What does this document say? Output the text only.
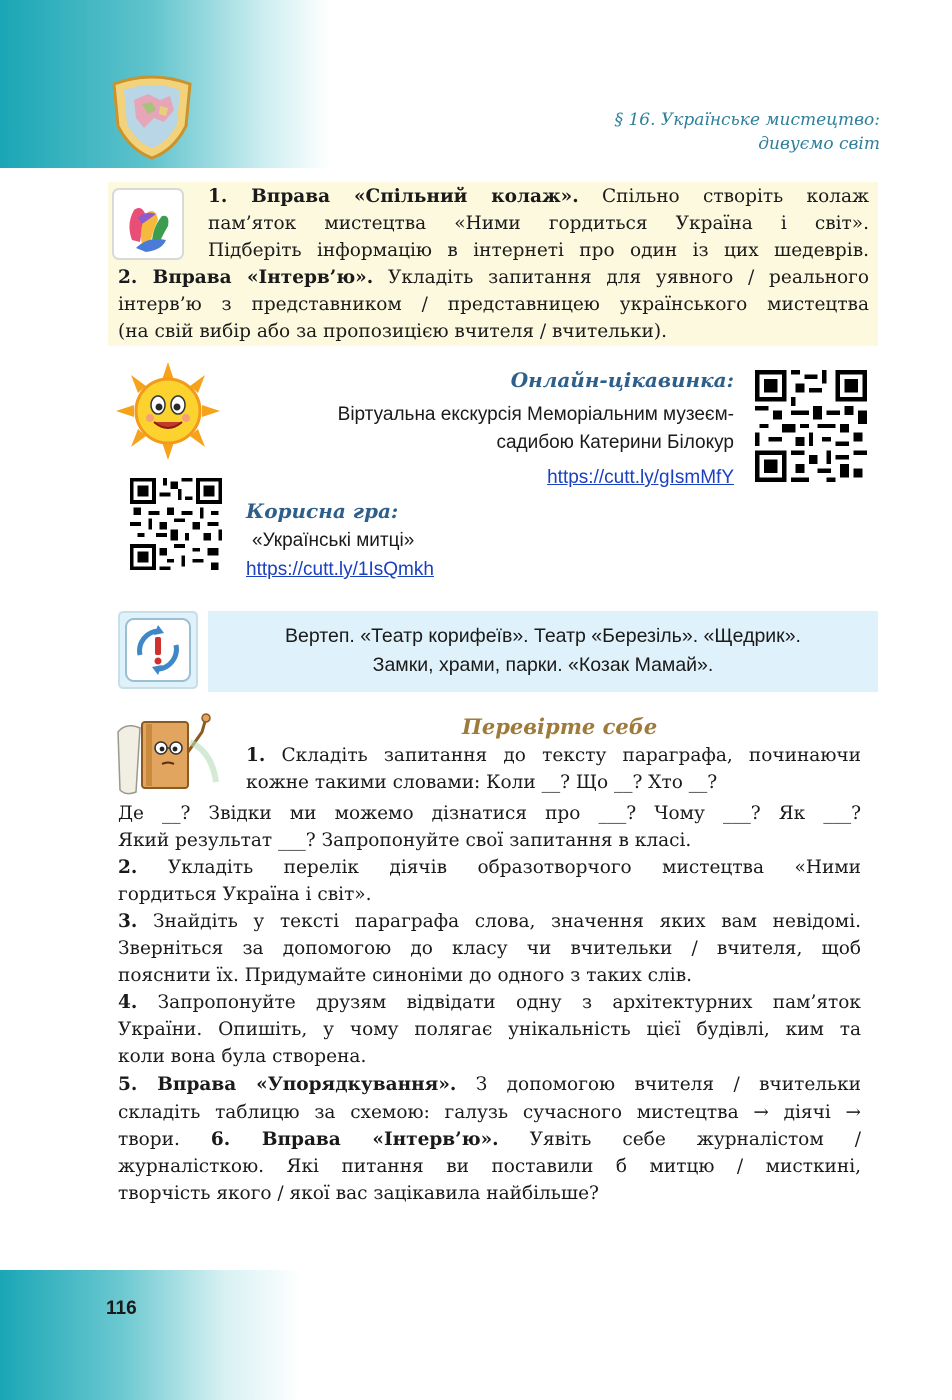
§ 16. Українське мистецтво:
дивуємо світ
1. Вправа «Спільний колаж». Спільно створіть колаж
пам’яток мистецтва «Ними гордиться Україна і світ».
Підберіть інформацію в інтернеті про один із цих шедеврів.
2. Вправа «Інтерв’ю». Укладіть запитання для уявного / реального
інтерв’ю з представником / представницею українського мистецтва
(на свій вибір або за пропозицією вчителя / вчительки).
Онлайн-цікавинка:
Віртуальна екскурсія Меморіальним музеєм-
садибою Катерини Білокур
https://cutt.ly/gIsmMfY
Корисна гра:
«Українські митці»
https://cutt.ly/1IsQmkh
Вертеп. «Театр корифеїв». Театр «Березіль». «Щедрик».
Замки, храми, парки. «Козак Мамай».
Перевірте себе
1. Складіть запитання до тексту параграфа, починаючи
кожне такими словами: Коли __? Що __? Хто __?
Де __? Звідки ми можемо дізнатися про ___? Чому ___? Як ___?
Який результат ___? Запропонуйте свої запитання в класі.
2. Укладіть перелік діячів образотворчого мистецтва «Ними
гордиться Україна і світ».
3. Знайдіть у тексті параграфа слова, значення яких вам невідомі.
Зверніться за допомогою до класу чи вчительки / вчителя, щоб
пояснити їх. Придумайте синоніми до одного з таких слів.
4. Запропонуйте друзям відвідати одну з архітектурних пам’яток
України. Опишіть, у чому полягає унікальність цієї будівлі, ким та
коли вона була створена.
5. Вправа «Упорядкування». З допомогою вчителя / вчительки
складіть таблицю за схемою: галузь сучасного мистецтва → діячі →
твори. 6. Вправа «Інтерв’ю». Уявіть себе журналістом /
журналісткою. Які питання ви поставили б митцю / мисткині,
творчість якого / якої вас зацікавила найбільше?
116
